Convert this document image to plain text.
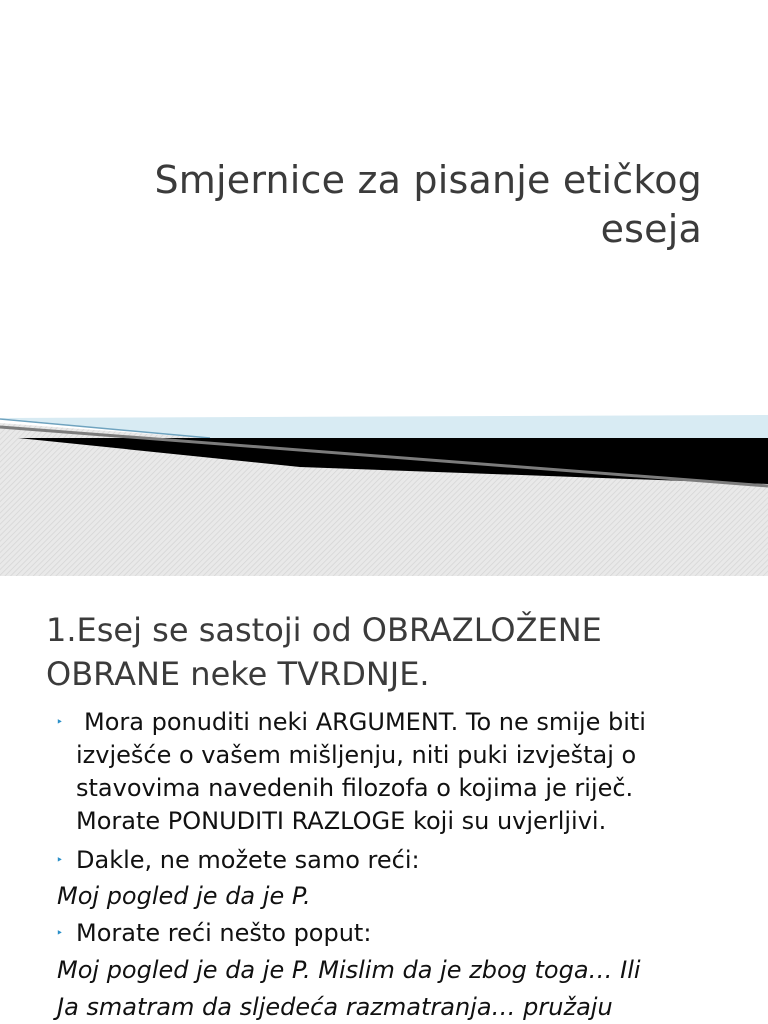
Smjernice za pisanje etičkog
eseja
1.Esej se sastoji od OBRAZLOŽENE
OBRANE neke TVRDNJE.

‣ Mora ponuditi neki ARGUMENT. To ne smije biti
izvješće o vašem mišljenju, niti puki izvještaj o
stavovima navedenih filozofa o kojima je riječ.
Morate PONUDITI RAZLOGE koji su uvjerljivi.

‣ Dakle, ne možete samo reći:

Moj pogled je da je P.

‣ Morate reći nešto poput:

Moj pogled je da je P. Mislim da je zbog toga… Ili

Ja smatram da sljedeća razmatranja… pružaju
